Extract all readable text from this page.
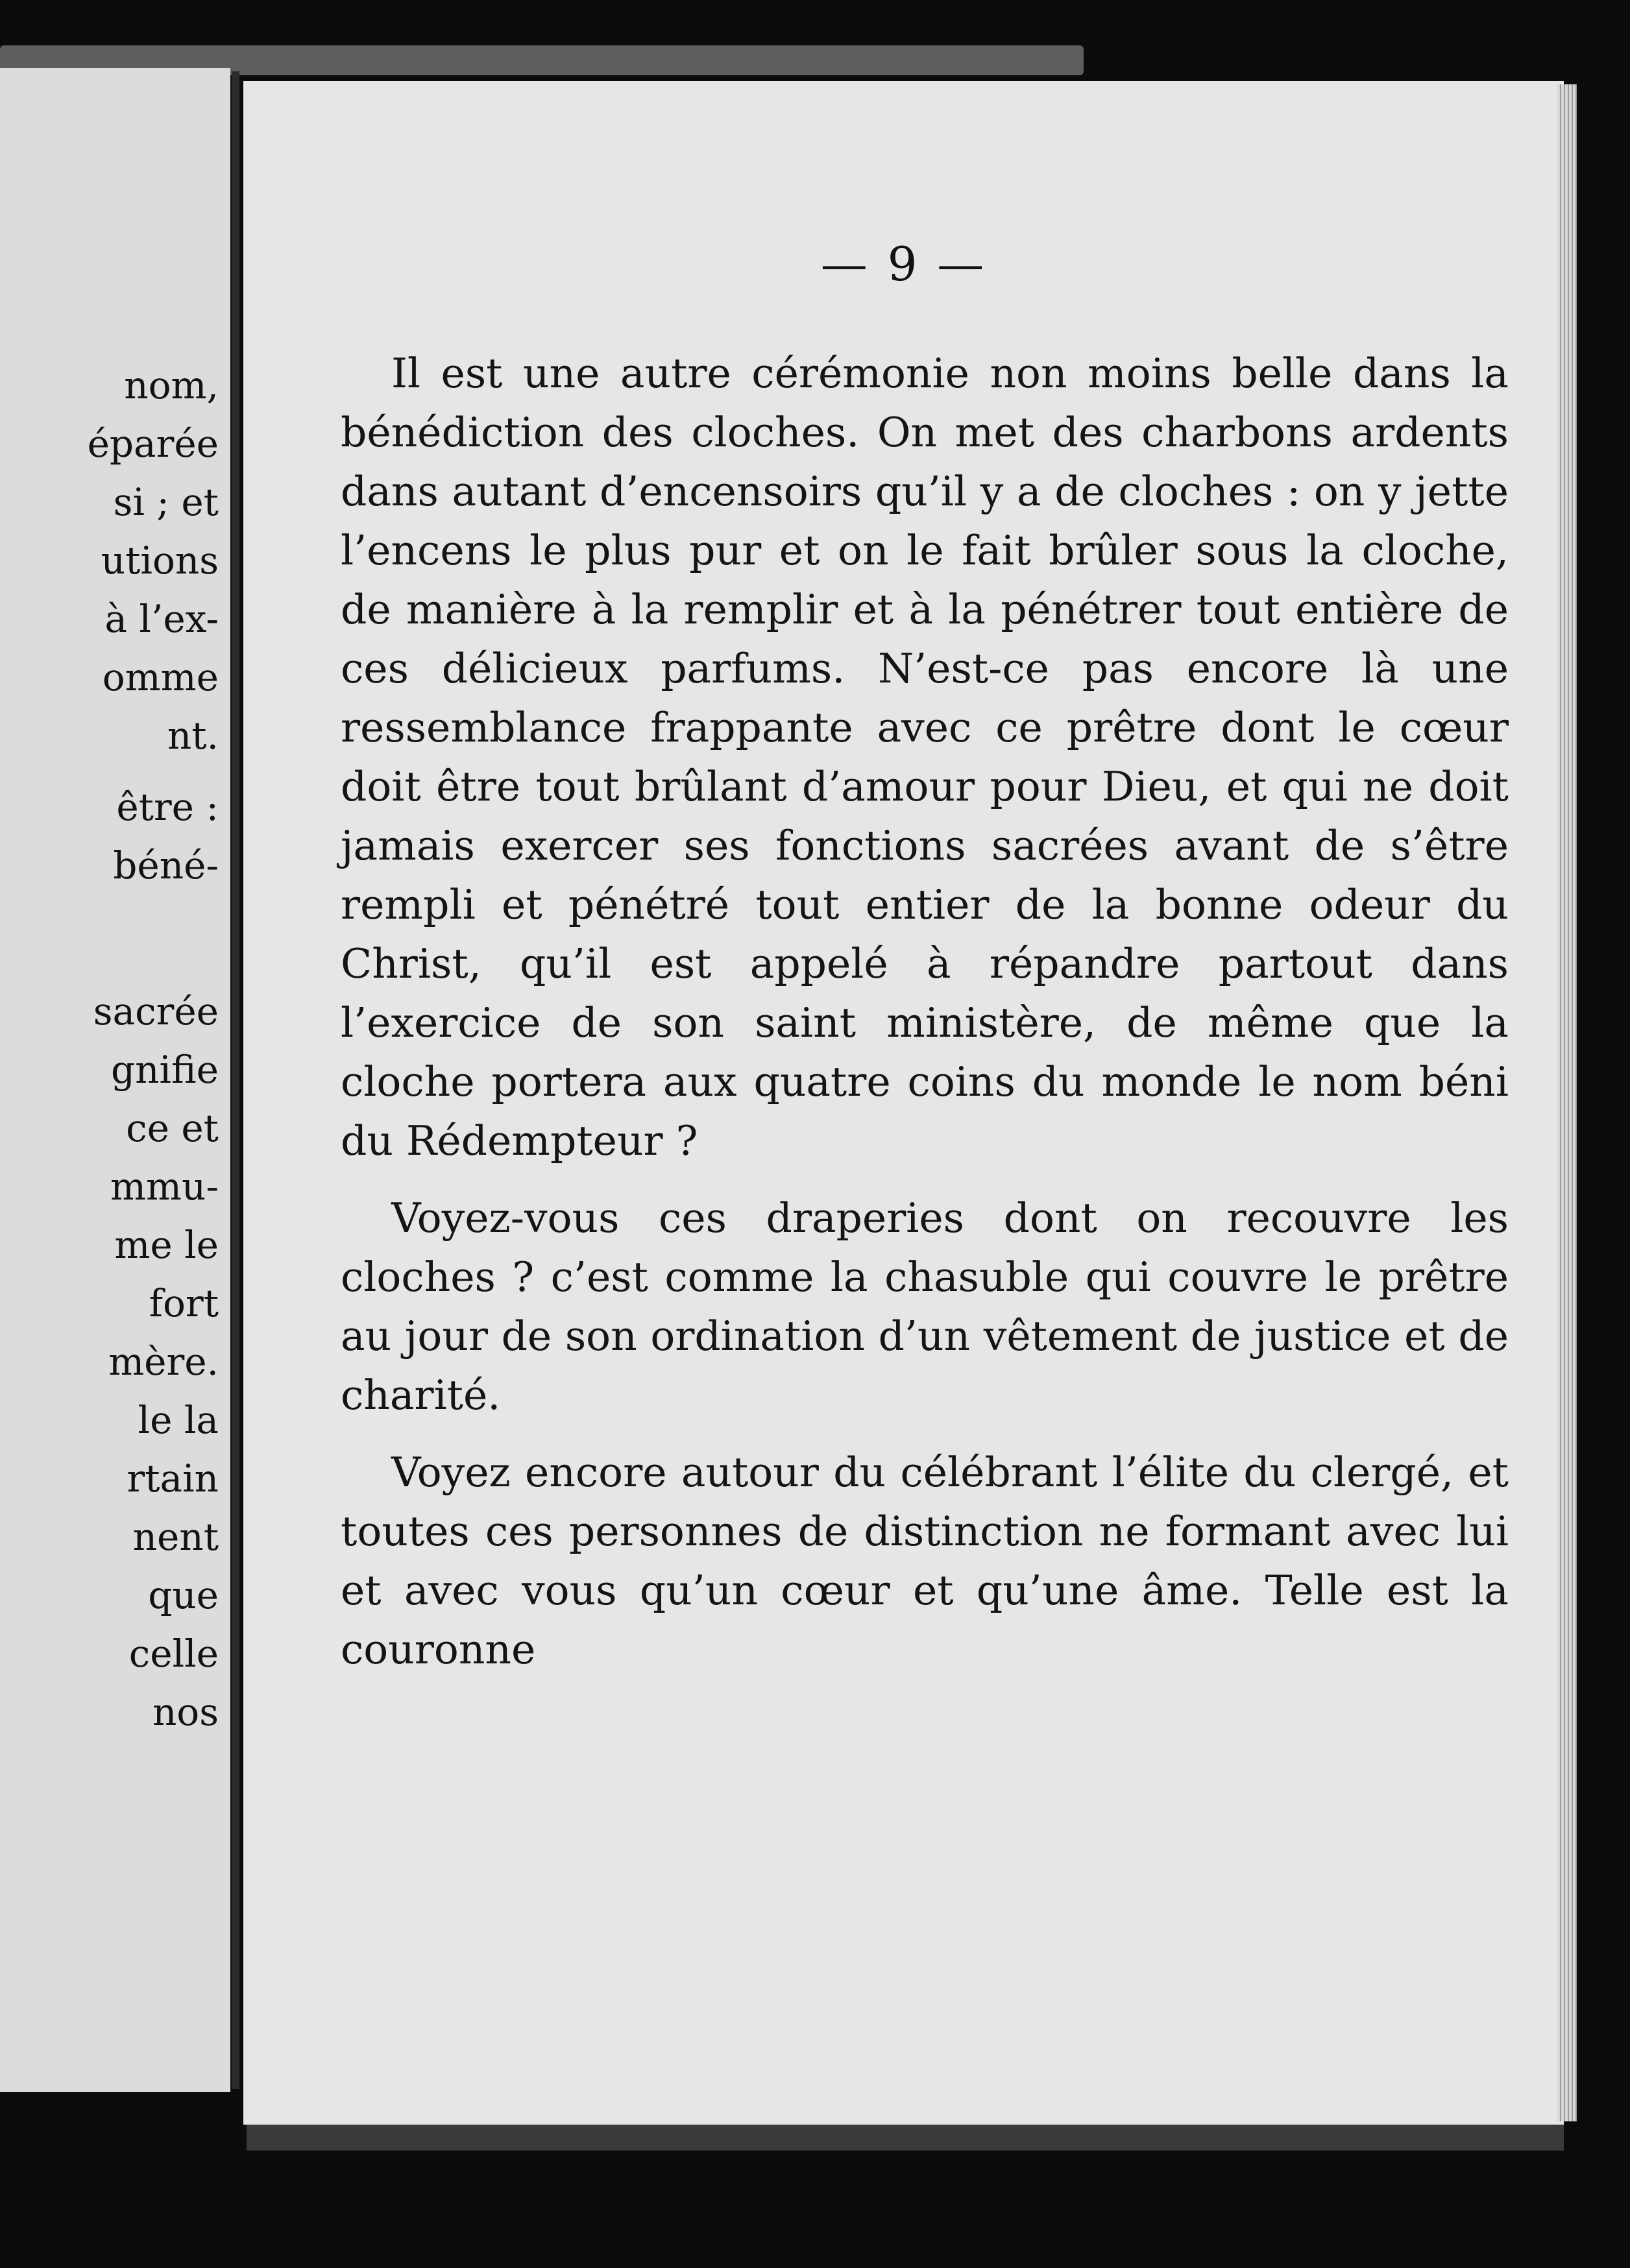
nom,

éparée

si ; et

utions

à l’ex-

omme

nt.

être :

béné-

sacrée

gnifie

ce et

mmu-

me le

fort

mère.

le la

rtain

nent

que

celle

nos

— 9 —

Il est une autre cérémonie non moins belle dans la bénédiction des cloches. On met des charbons ardents dans autant d’encensoirs qu’il y a de cloches : on y jette l’encens le plus pur et on le fait brûler sous la cloche, de manière à la remplir et à la pénétrer tout entière de ces délicieux parfums. N’est-ce pas encore là une ressemblance frappante avec ce prêtre dont le cœur doit être tout brûlant d’amour pour Dieu, et qui ne doit jamais exercer ses fonctions sacrées avant de s’être rempli et pénétré tout entier de la bonne odeur du Christ, qu’il est appelé à répandre partout dans l’exercice de son saint ministère, de même que la cloche portera aux quatre coins du monde le nom béni du Rédempteur ?

Voyez-vous ces draperies dont on recouvre les cloches ? c’est comme la chasuble qui couvre le prêtre au jour de son ordination d’un vêtement de justice et de charité.

Voyez encore autour du célébrant l’élite du clergé, et toutes ces personnes de distinction ne formant avec lui et avec vous qu’un cœur et qu’une âme. Telle est la couronne
